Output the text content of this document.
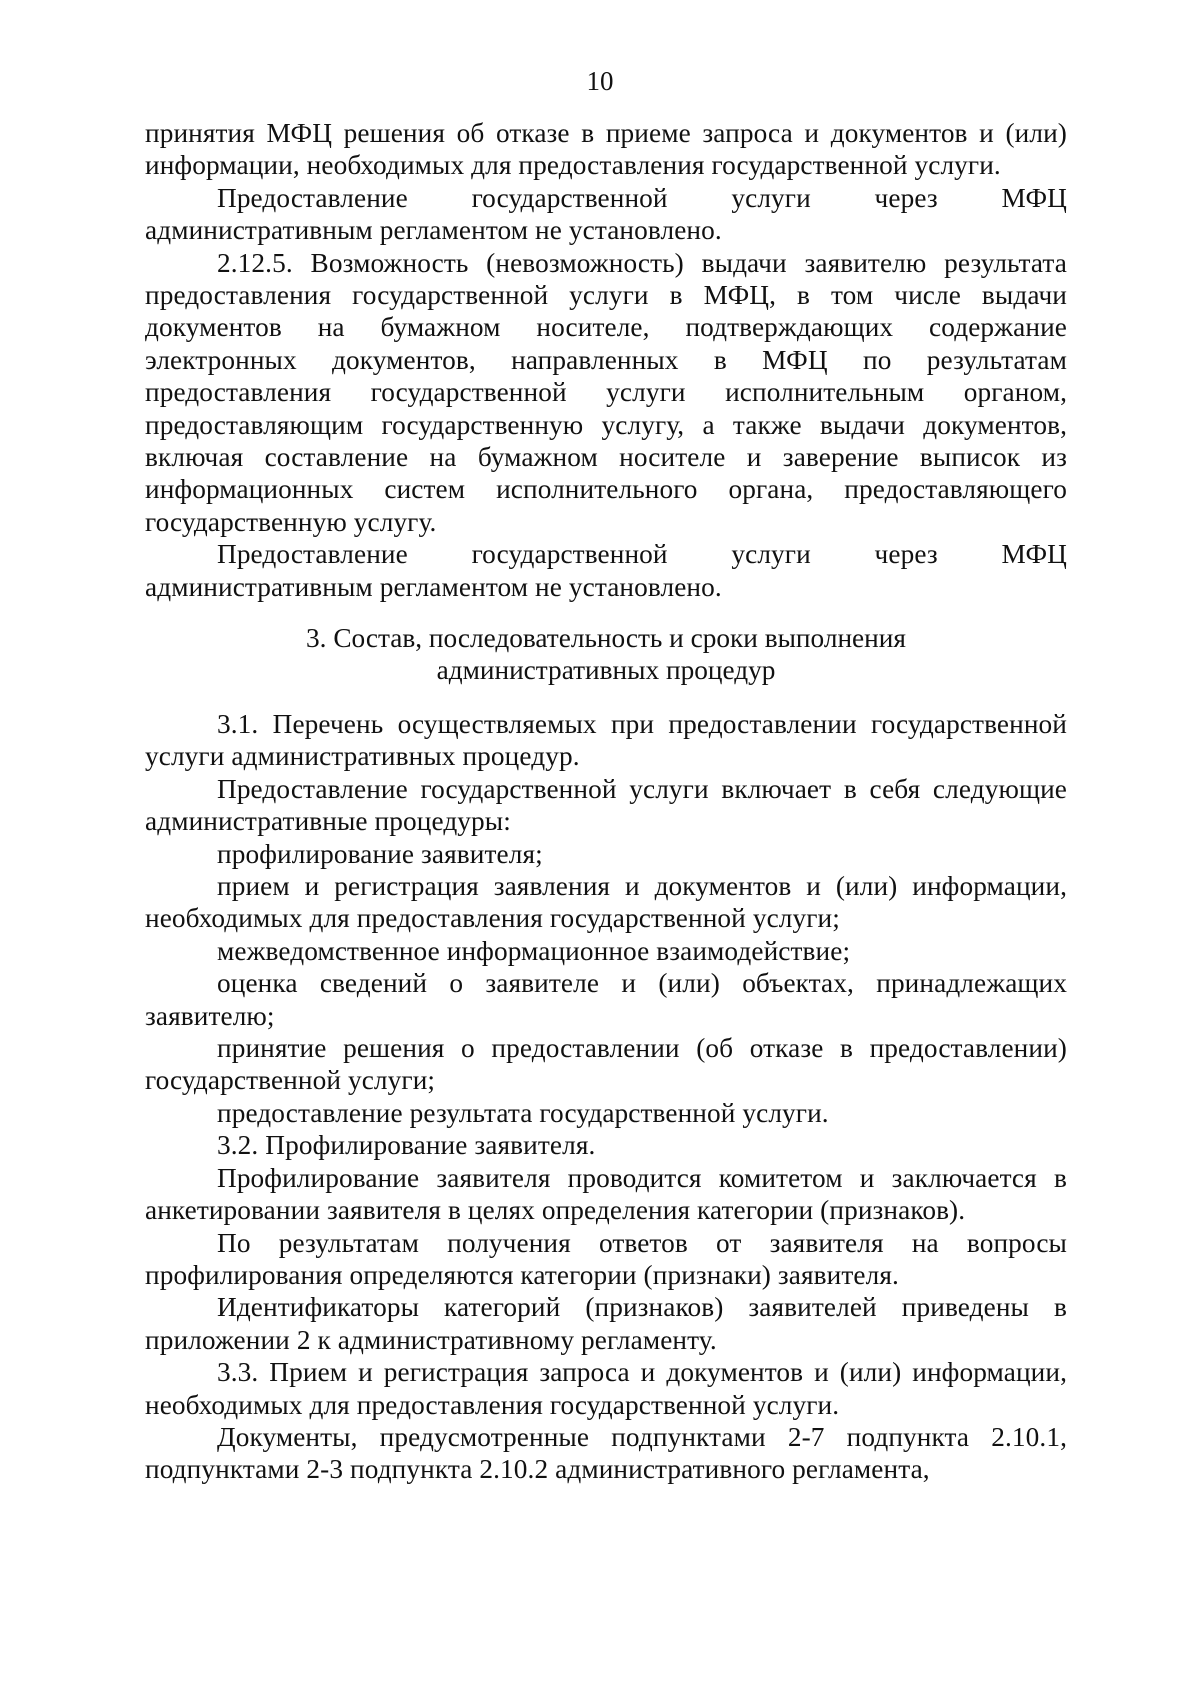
10

принятия МФЦ решения об отказе в приеме запроса и документов и (или) информации, необходимых для предоставления государственной услуги.

Предоставление государственной услуги через МФЦ административным регламентом не установлено.

2.12.5. Возможность (невозможность) выдачи заявителю результата предоставления государственной услуги в МФЦ, в том числе выдачи документов на бумажном носителе, подтверждающих содержание электронных документов, направленных в МФЦ по результатам предоставления государственной услуги исполнительным органом, предоставляющим государственную услугу, а также выдачи документов, включая составление на бумажном носителе и заверение выписок из информационных систем исполнительного органа, предоставляющего государственную услугу.

Предоставление государственной услуги через МФЦ административным регламентом не установлено.

3. Состав, последовательность и сроки выполнения
административных процедур

3.1. Перечень осуществляемых при предоставлении государственной услуги административных процедур.

Предоставление государственной услуги включает в себя следующие административные процедуры:

профилирование заявителя;

прием и регистрация заявления и документов и (или) информации, необходимых для предоставления государственной услуги;

межведомственное информационное взаимодействие;

оценка сведений о заявителе и (или) объектах, принадлежащих заявителю;

принятие решения о предоставлении (об отказе в предоставлении) государственной услуги;

предоставление результата государственной услуги.

3.2. Профилирование заявителя.

Профилирование заявителя проводится комитетом и заключается в анкетировании заявителя в целях определения категории (признаков).

По результатам получения ответов от заявителя на вопросы профилирования определяются категории (признаки) заявителя.

Идентификаторы категорий (признаков) заявителей приведены в приложении 2 к административному регламенту.

3.3. Прием и регистрация запроса и документов и (или) информации, необходимых для предоставления государственной услуги.

Документы, предусмотренные подпунктами 2-7 подпункта 2.10.1, подпунктами 2-3 подпункта 2.10.2 административного регламента,
